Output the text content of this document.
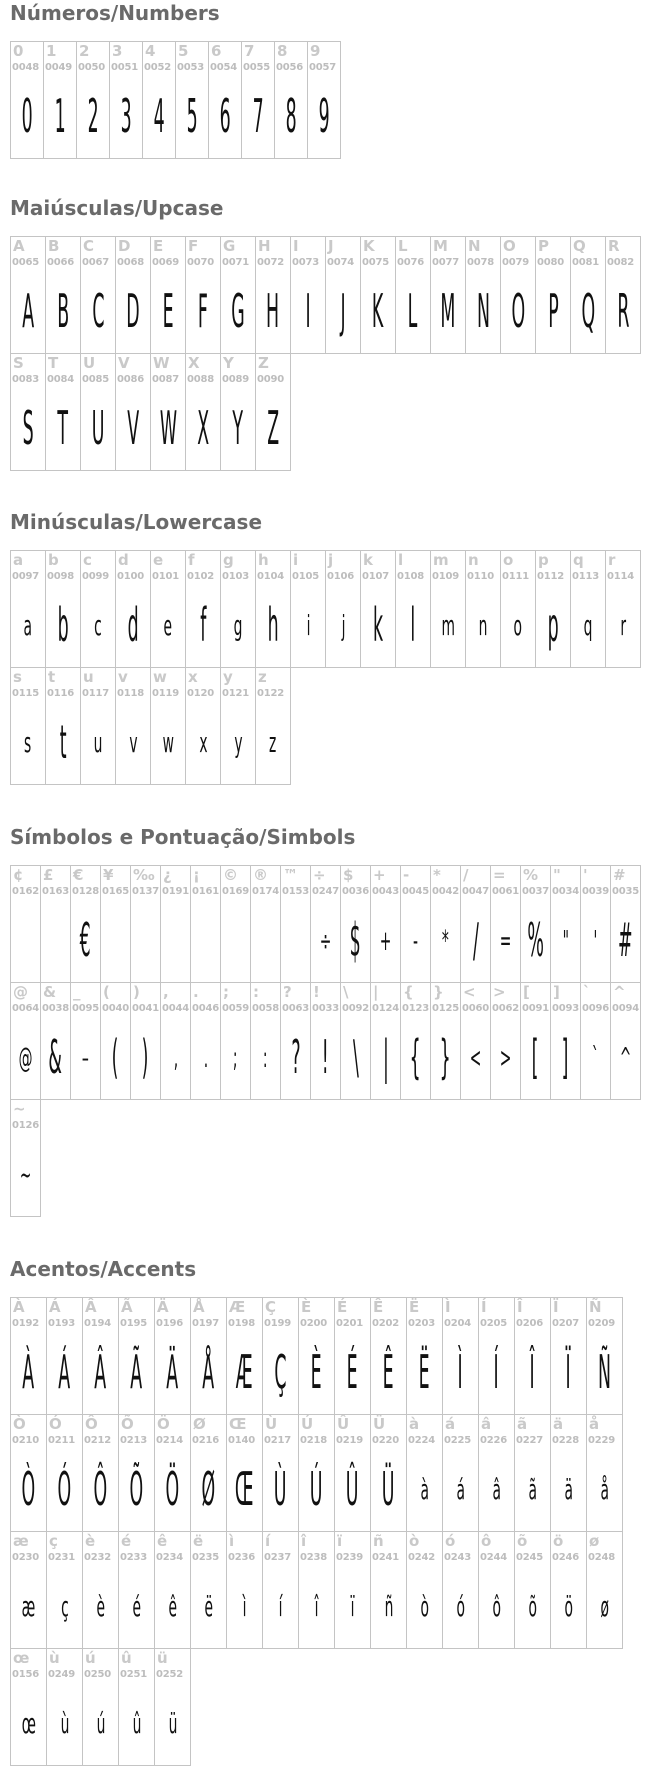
Números/Numbers
0
0048
0
1
0049
1
2
0050
2
3
0051
3
4
0052
4
5
0053
5
6
0054
6
7
0055
7
8
0056
8
9
0057
9
Maiúsculas/Upcase
A
0065
A
B
0066
B
C
0067
C
D
0068
D
E
0069
E
F
0070
F
G
0071
G
H
0072
H
I
0073
I
J
0074
J
K
0075
K
L
0076
L
M
0077
M
N
0078
N
O
0079
O
P
0080
P
Q
0081
Q
R
0082
R
S
0083
S
T
0084
T
U
0085
U
V
0086
V
W
0087
W
X
0088
X
Y
0089
Y
Z
0090
Z
Minúsculas/Lowercase
a
0097
a
b
0098
b
c
0099
c
d
0100
d
e
0101
e
f
0102
f
g
0103
g
h
0104
h
i
0105
i
j
0106
j
k
0107
k
l
0108
l
m
0109
m
n
0110
n
o
0111
o
p
0112
p
q
0113
q
r
0114
r
s
0115
s
t
0116
t
u
0117
u
v
0118
v
w
0119
w
x
0120
x
y
0121
y
z
0122
z
Símbolos e Pontuação/Simbols
¢
0162
£
0163
€
0128
€
¥
0165
‰
0137
¿
0191
¡
0161
©
0169
®
0174
™
0153
÷
0247
÷
$
0036
$
+
0043
+
-
0045
-
*
0042
*
/
0047
/
=
0061
=
%
0037
%
"
0034
"
'
0039
'
#
0035
#
@
0064
@
&
0038
&
_
0095
–
(
0040
(
)
0041
)
,
0044
,
.
0046
.
;
0059
;
:
0058
:
?
0063
?
!
0033
!
\
0092
\
|
0124
|
{
0123
{
}
0125
}
<
0060
<
>
0062
>
[
0091
[
]
0093
]
`
0096
`
^
0094
^
~
0126
~
Acentos/Accents
À
0192
À
Á
0193
Á
Â
0194
Â
Ã
0195
Ã
Ä
0196
Ä
Å
0197
Å
Æ
0198
Æ
Ç
0199
Ç
È
0200
È
É
0201
É
Ê
0202
Ê
Ë
0203
Ë
Ì
0204
Ì
Í
0205
Í
Î
0206
Î
Ï
0207
Ï
Ñ
0209
Ñ
Ò
0210
Ò
Ó
0211
Ó
Ô
0212
Ô
Õ
0213
Õ
Ö
0214
Ö
Ø
0216
Ø
Œ
0140
Œ
Ù
0217
Ù
Ú
0218
Ú
Û
0219
Û
Ü
0220
Ü
à
0224
à
á
0225
á
â
0226
â
ã
0227
ã
ä
0228
ä
å
0229
å
æ
0230
æ
ç
0231
ç
è
0232
è
é
0233
é
ê
0234
ê
ë
0235
ë
ì
0236
ì
í
0237
í
î
0238
î
ï
0239
ï
ñ
0241
ñ
ò
0242
ò
ó
0243
ó
ô
0244
ô
õ
0245
õ
ö
0246
ö
ø
0248
ø
œ
0156
œ
ù
0249
ù
ú
0250
ú
û
0251
û
ü
0252
ü
